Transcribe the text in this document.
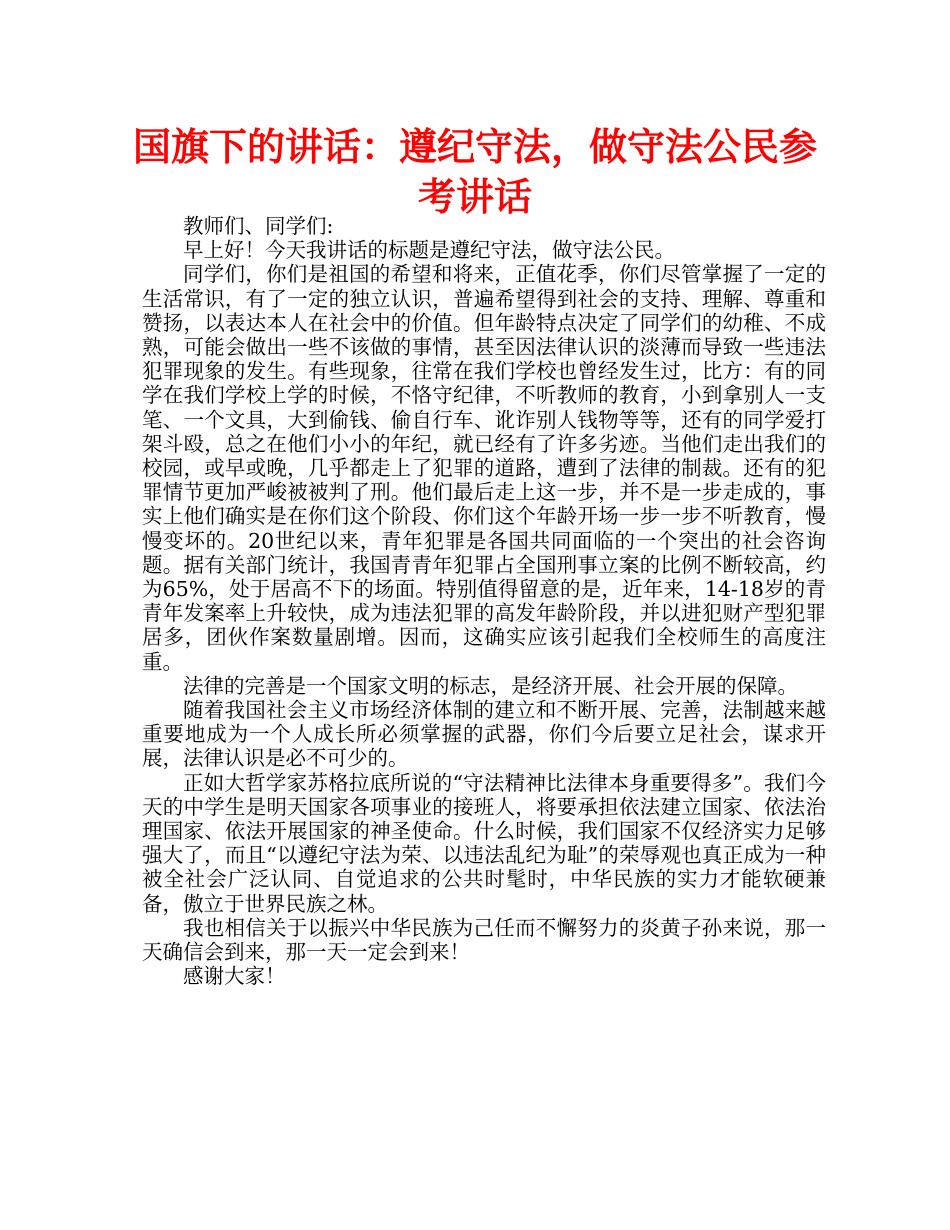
国旗下的讲话：遵纪守法，做守法公民参考讲话

教师们、同学们:

早上好！今天我讲话的标题是遵纪守法，做守法公民。

同学们，你们是祖国的希望和将来，正值花季，你们尽管掌握了一定的生活常识，有了一定的独立认识，普遍希望得到社会的支持、理解、尊重和赞扬，以表达本人在社会中的价值。但年龄特点决定了同学们的幼稚、不成熟，可能会做出一些不该做的事情，甚至因法律认识的淡薄而导致一些违法犯罪现象的发生。有些现象，往常在我们学校也曾经发生过，比方：有的同学在我们学校上学的时候，不恪守纪律，不听教师的教育，小到拿别人一支笔、一个文具，大到偷钱、偷自行车、讹诈别人钱物等等，还有的同学爱打架斗殴，总之在他们小小的年纪，就已经有了许多劣迹。当他们走出我们的校园，或早或晚，几乎都走上了犯罪的道路，遭到了法律的制裁。还有的犯罪情节更加严峻被被判了刑。他们最后走上这一步，并不是一步走成的，事实上他们确实是在你们这个阶段、你们这个年龄开场一步一步不听教育，慢慢变坏的。20世纪以来，青年犯罪是各国共同面临的一个突出的社会咨询题。据有关部门统计，我国青青年犯罪占全国刑事立案的比例不断较高，约为65%，处于居高不下的场面。特别值得留意的是，近年来，14-18岁的青青年发案率上升较快，成为违法犯罪的高发年龄阶段，并以进犯财产型犯罪居多，团伙作案数量剧增。因而，这确实应该引起我们全校师生的高度注重。

法律的完善是一个国家文明的标志，是经济开展、社会开展的保障。

随着我国社会主义市场经济体制的建立和不断开展、完善，法制越来越重要地成为一个人成长所必须掌握的武器，你们今后要立足社会，谋求开展，法律认识是必不可少的。

正如大哲学家苏格拉底所说的“守法精神比法律本身重要得多”。我们今天的中学生是明天国家各项事业的接班人，将要承担依法建立国家、依法治理国家、依法开展国家的神圣使命。什么时候，我们国家不仅经济实力足够强大了，而且“以遵纪守法为荣、以违法乱纪为耻”的荣辱观也真正成为一种被全社会广泛认同、自觉追求的公共时髦时，中华民族的实力才能软硬兼备，傲立于世界民族之林。

我也相信关于以振兴中华民族为己任而不懈努力的炎黄子孙来说，那一天确信会到来，那一天一定会到来！

感谢大家！
